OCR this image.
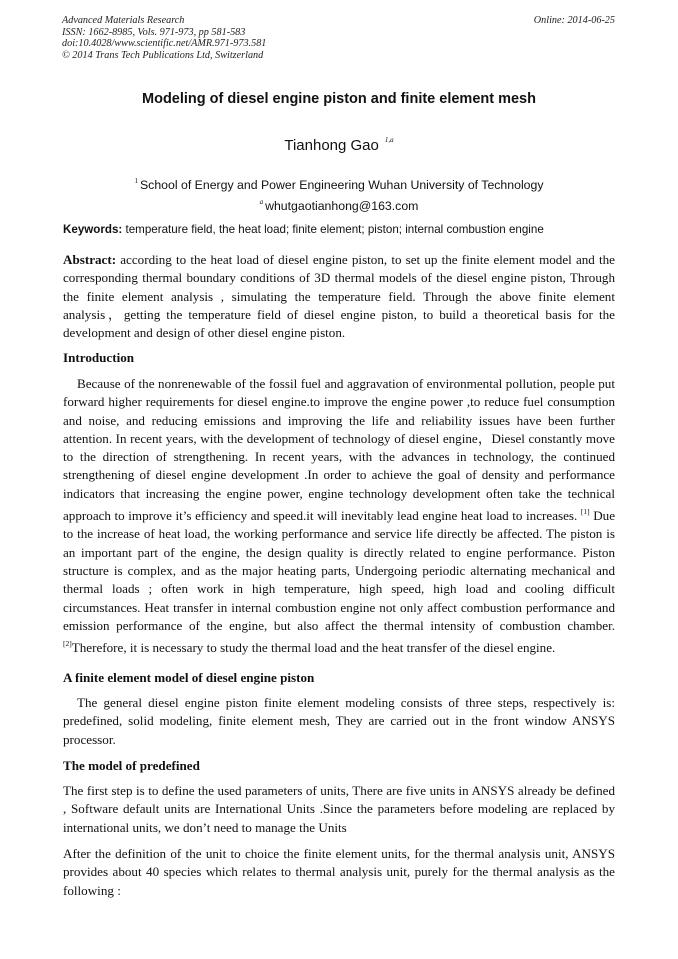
Advanced Materials Research
ISSN: 1662-8985, Vols. 971-973, pp 581-583
doi:10.4028/www.scientific.net/AMR.971-973.581
© 2014 Trans Tech Publications Ltd, Switzerland
Online: 2014-06-25
Modeling of diesel engine piston and finite element mesh
Tianhong Gao $^{1,a}$
$^1$ School of Energy and Power Engineering Wuhan University of Technology
$^a$ whutgaotianhong@163.com
Keywords: temperature field, the heat load; finite element; piston; internal combustion engine

Abstract: according to the heat load of diesel engine piston, to set up the finite element model and the corresponding thermal boundary conditions of 3D thermal models of the diesel engine piston, Through the finite element analysis , simulating the temperature field. Through the above finite element analysis，getting the temperature field of diesel engine piston, to build a theoretical basis for the development and design of other diesel engine piston.

Introduction

Because of the nonrenewable of the fossil fuel and aggravation of environmental pollution, people put forward higher requirements for diesel engine.to improve the engine power ,to reduce fuel consumption and noise, and reducing emissions and improving the life and reliability issues have been further attention. In recent years, with the development of technology of diesel engine，Diesel constantly move to the direction of strengthening. In recent years, with the advances in technology, the continued strengthening of diesel engine development .In order to achieve the goal of density and performance indicators that increasing the engine power, engine technology development often take the technical approach to improve it’s efficiency and speed.it will inevitably lead engine heat load to increases. [1] Due to the increase of heat load, the working performance and service life directly be affected. The piston is an important part of the engine, the design quality is directly related to engine performance. Piston structure is complex, and as the major heating parts, Undergoing periodic alternating mechanical and thermal loads ; often work in high temperature, high speed, high load and cooling difficult circumstances. Heat transfer in internal combustion engine not only affect combustion performance and emission performance of the engine, but also affect the thermal intensity of combustion chamber. [2]Therefore, it is necessary to study the thermal load and the heat transfer of the diesel engine.

A finite element model of diesel engine piston

The general diesel engine piston finite element modeling consists of three steps, respectively is: predefined, solid modeling, finite element mesh, They are carried out in the front window ANSYS processor.

The model of predefined

The first step is to define the used parameters of units, There are five units in ANSYS already be defined , Software default units are International Units .Since the parameters before modeling are replaced by international units, we don’t need to manage the Units

After the definition of the unit to choice the finite element units, for the thermal analysis unit, ANSYS provides about 40 species which relates to thermal analysis unit, purely for the thermal analysis as the following :
